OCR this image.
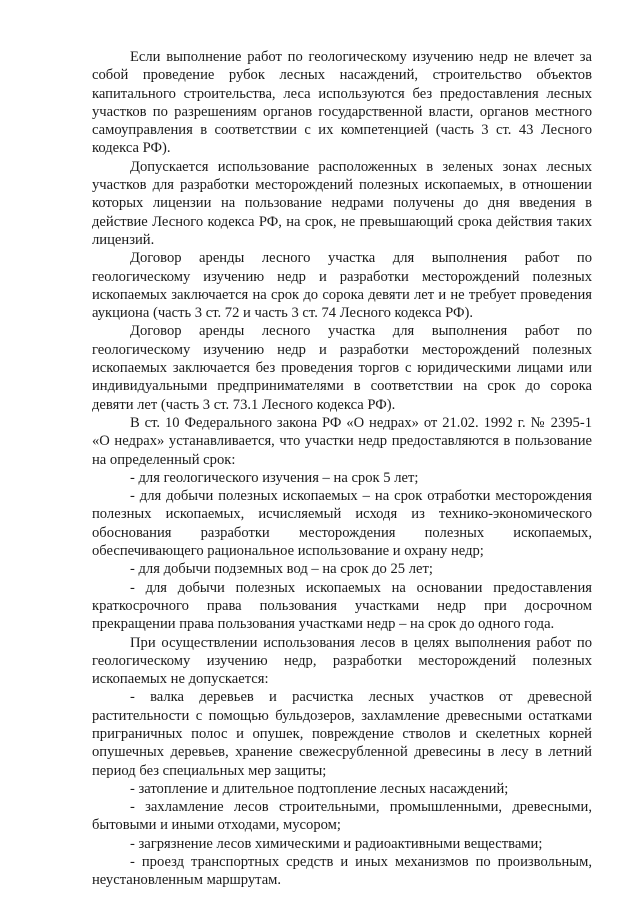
Если выполнение работ по геологическому изучению недр не влечет за собой проведение рубок лесных насаждений, строительство объектов капитального строительства, леса используются без предоставления лесных участков по разрешениям органов государственной власти, органов местного самоуправления в соответствии с их компетенцией (часть 3 ст. 43 Лесного кодекса РФ).

Допускается использование расположенных в зеленых зонах лесных участков для разработки месторождений полезных ископаемых, в отношении которых лицензии на пользование недрами получены до дня введения в действие Лесного кодекса РФ, на срок, не превышающий срока действия таких лицензий.

Договор аренды лесного участка для выполнения работ по геологическому изучению недр и разработки месторождений полезных ископаемых заключается на срок до сорока девяти лет и не требует проведения аукциона (часть 3 ст. 72 и часть 3 ст. 74 Лесного кодекса РФ).

Договор аренды лесного участка для выполнения работ по геологическому изучению недр и разработки месторождений полезных ископаемых заключается без проведения торгов с юридическими лицами или индивидуальными предпринимателями в соответствии на срок до сорока девяти лет (часть 3 ст. 73.1 Лесного кодекса РФ).

В ст. 10 Федерального закона РФ «О недрах» от 21.02. 1992 г. № 2395-1 «О недрах» устанавливается, что участки недр предоставляются в пользование на определенный срок:

- для геологического изучения – на срок 5 лет;

- для добычи полезных ископаемых – на срок отработки месторождения полезных ископаемых, исчисляемый исходя из технико-экономического обоснования разработки месторождения полезных ископаемых, обеспечивающего рациональное использование и охрану недр;

- для добычи подземных вод – на срок до 25 лет;

- для добычи полезных ископаемых на основании предоставления краткосрочного права пользования участками недр при досрочном прекращении права пользования участками недр – на срок до одного года.

При осуществлении использования лесов в целях выполнения работ по геологическому изучению недр, разработки месторождений полезных ископаемых не допускается:

- валка деревьев и расчистка лесных участков от древесной растительности с помощью бульдозеров, захламление древесными остатками приграничных полос и опушек, повреждение стволов и скелетных корней опушечных деревьев, хранение свежесрубленной древесины в лесу в летний период без специальных мер защиты;

- затопление и длительное подтопление лесных насаждений;

- захламление лесов строительными, промышленными, древесными, бытовыми и иными отходами, мусором;

- загрязнение лесов химическими и радиоактивными веществами;

- проезд транспортных средств и иных механизмов по произвольным, неустановленным маршрутам.
